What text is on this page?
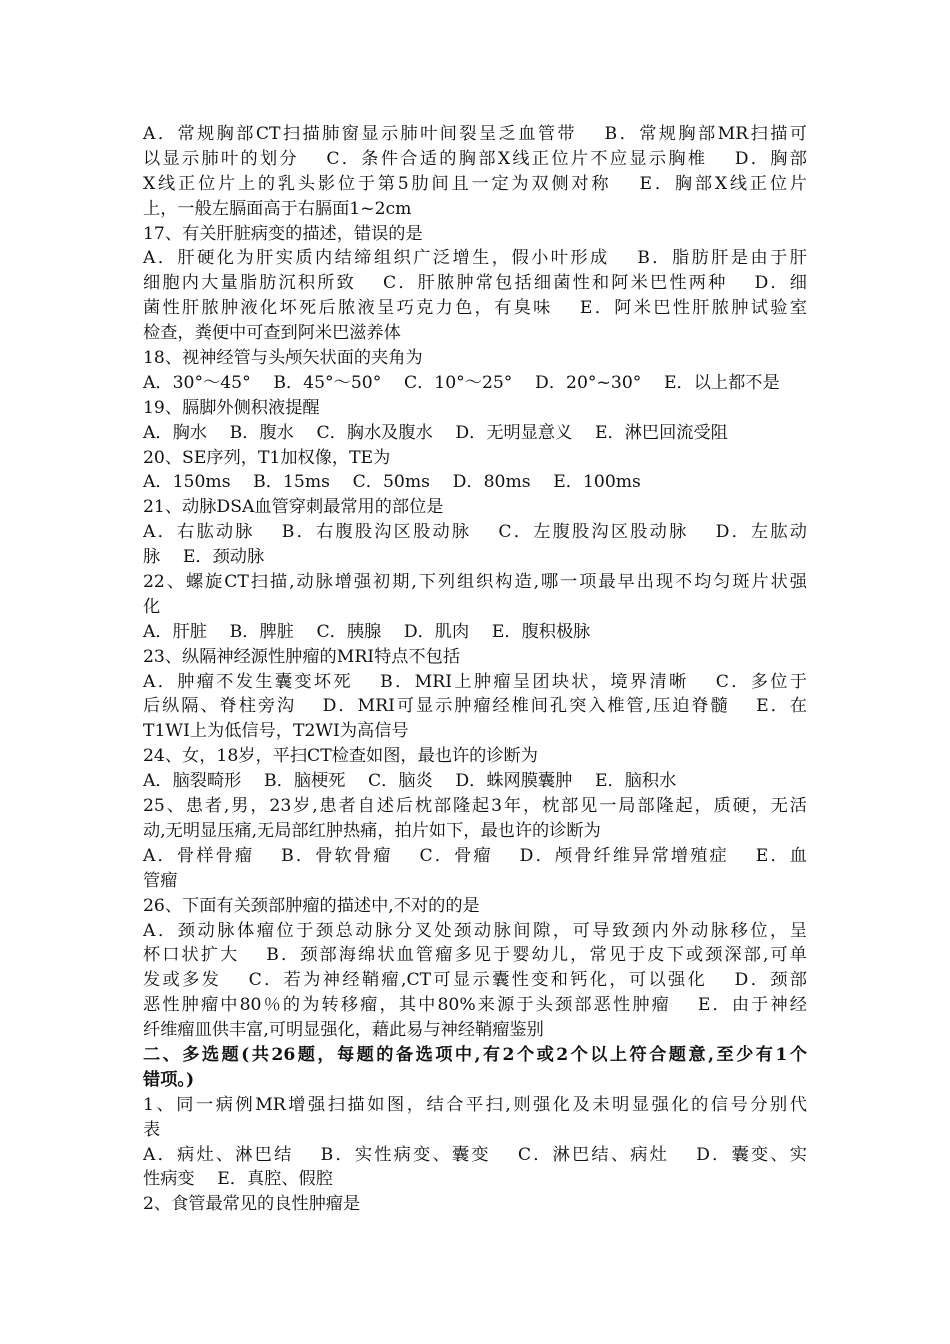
A．常规胸部CT扫描肺窗显示肺叶间裂呈乏血管带　 B．常规胸部MR扫描可
以显示肺叶的划分　 C．条件合适的胸部X线正位片不应显示胸椎　 D．胸部
X线正位片上的乳头影位于第5肋间且一定为双侧对称　 E．胸部X线正位片
上，一般左膈面高于右膈面1~2cm
17、有关肝脏病变的描述，错误的是
A．肝硬化为肝实质内结缔组织广泛增生，假小叶形成　 B．脂肪肝是由于肝
细胞内大量脂肪沉积所致　 C．肝脓肿常包括细菌性和阿米巴性两种　 D．细
菌性肝脓肿液化坏死后脓液呈巧克力色，有臭味　 E．阿米巴性肝脓肿试验室
检查，粪便中可查到阿米巴滋养体
18、视神经管与头颅矢状面的夹角为
A．30°～45°　 B．45°～50°　 C．10°～25°　 D．20°~30°　 E．以上都不是
19、膈脚外侧积液提醒
A．胸水　 B．腹水　 C．胸水及腹水　 D．无明显意义　 E．淋巴回流受阻
20、SE序列，T1加权像，TE为
A．150ms　 B．15ms　 C．50ms　 D．80ms　 E．100ms
21、动脉DSA血管穿刺最常用的部位是
A．右肱动脉　 B．右腹股沟区股动脉　 C．左腹股沟区股动脉　 D．左肱动
脉　 E．颈动脉
22、螺旋CT扫描,动脉增强初期,下列组织构造,哪一项最早出现不均匀斑片状强
化
A．肝脏　 B．脾脏　 C．胰腺　 D．肌肉　 E．腹积极脉
23、纵隔神经源性肿瘤的MRI特点不包括
A．肿瘤不发生囊变坏死　 B．MRI上肿瘤呈团块状，境界清晰　 C．多位于
后纵隔、脊柱旁沟　 D．MRI可显示肿瘤经椎间孔突入椎管,压迫脊髓　 E．在
T1WI上为低信号，T2WI为高信号
24、女，18岁，平扫CT检查如图，最也许的诊断为
A．脑裂畸形　 B．脑梗死　 C．脑炎　 D．蛛网膜囊肿　 E．脑积水
25、患者,男，23岁,患者自述后枕部隆起3年，枕部见一局部隆起，质硬，无活
动,无明显压痛,无局部红肿热痛，拍片如下，最也许的诊断为
A．骨样骨瘤　 B．骨软骨瘤　 C．骨瘤　 D．颅骨纤维异常增殖症　 E．血
管瘤
26、下面有关颈部肿瘤的描述中,不对的的是
A．颈动脉体瘤位于颈总动脉分叉处颈动脉间隙，可导致颈内外动脉移位，呈
杯口状扩大　 B．颈部海绵状血管瘤多见于婴幼儿，常见于皮下或颈深部,可单
发或多发　 C．若为神经鞘瘤,CT可显示囊性变和钙化，可以强化　 D．颈部
恶性肿瘤中80％的为转移瘤，其中80%来源于头颈部恶性肿瘤　 E．由于神经
纤维瘤皿供丰富,可明显强化，藉此易与神经鞘瘤鉴别
二、多选题(共26题，每题的备选项中,有2个或2个以上符合题意,至少有1个
错项。)
1、同一病例MR增强扫描如图，结合平扫,则强化及未明显强化的信号分别代
表
A．病灶、淋巴结　 B．实性病变、囊变　 C．淋巴结、病灶　 D．囊变、实
性病变　 E．真腔、假腔
2、食管最常见的良性肿瘤是
